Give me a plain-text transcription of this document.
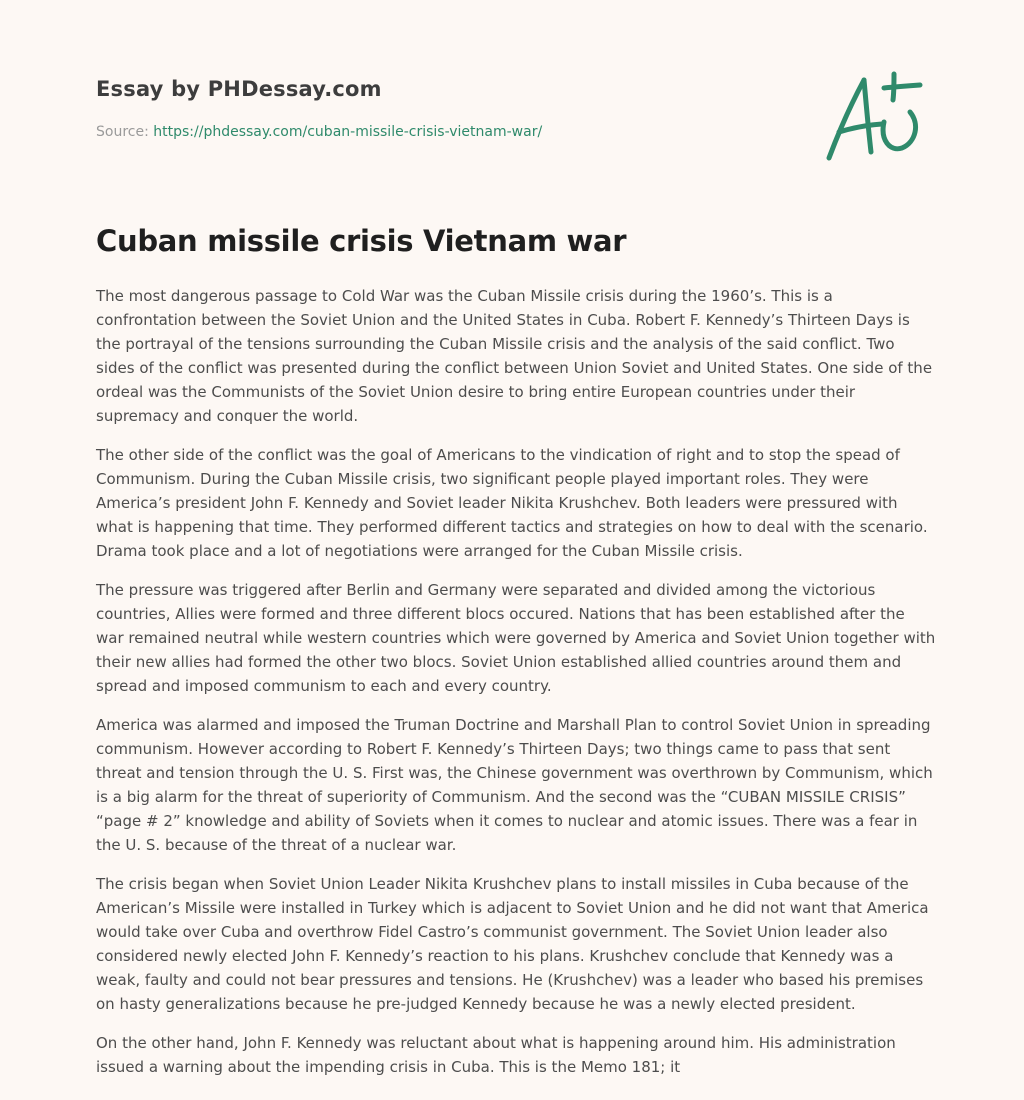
Essay by PHDessay.com
Source: https://phdessay.com/cuban-missile-crisis-vietnam-war/
Cuban missile crisis Vietnam war

The most dangerous passage to Cold War was the Cuban Missile crisis during the 1960’s. This is a confrontation between the Soviet Union and the United States in Cuba. Robert F. Kennedy’s Thirteen Days is the portrayal of the tensions surrounding the Cuban Missile crisis and the analysis of the said conflict. Two sides of the conflict was presented during the conflict between Union Soviet and United States. One side of the ordeal was the Communists of the Soviet Union desire to bring entire European countries under their supremacy and conquer the world.

The other side of the conflict was the goal of Americans to the vindication of right and to stop the spead of Communism. During the Cuban Missile crisis, two significant people played important roles. They were America’s president John F. Kennedy and Soviet leader Nikita Krushchev. Both leaders were pressured with what is happening that time. They performed different tactics and strategies on how to deal with the scenario. Drama took place and a lot of negotiations were arranged for the Cuban Missile crisis.

The pressure was triggered after Berlin and Germany were separated and divided among the victorious countries, Allies were formed and three different blocs occured. Nations that has been established after the war remained neutral while western countries which were governed by America and Soviet Union together with their new allies had formed the other two blocs. Soviet Union established allied countries around them and spread and imposed communism to each and every country.

America was alarmed and imposed the Truman Doctrine and Marshall Plan to control Soviet Union in spreading communism. However according to Robert F. Kennedy’s Thirteen Days; two things came to pass that sent threat and tension through the U. S. First was, the Chinese government was overthrown by Communism, which is a big alarm for the threat of superiority of Communism. And the second was the “CUBAN MISSILE CRISIS” “page # 2” knowledge and ability of Soviets when it comes to nuclear and atomic issues. There was a fear in the U. S. because of the threat of a nuclear war.

The crisis began when Soviet Union Leader Nikita Krushchev plans to install missiles in Cuba because of the American’s Missile were installed in Turkey which is adjacent to Soviet Union and he did not want that America would take over Cuba and overthrow Fidel Castro’s communist government. The Soviet Union leader also considered newly elected John F. Kennedy’s reaction to his plans. Krushchev conclude that Kennedy was a weak, faulty and could not bear pressures and tensions. He (Krushchev) was a leader who based his premises on hasty generalizations because he pre-judged Kennedy because he was a newly elected president.

On the other hand, John F. Kennedy was reluctant about what is happening around him. His administration issued a warning about the impending crisis in Cuba. This is the Memo 181; it
